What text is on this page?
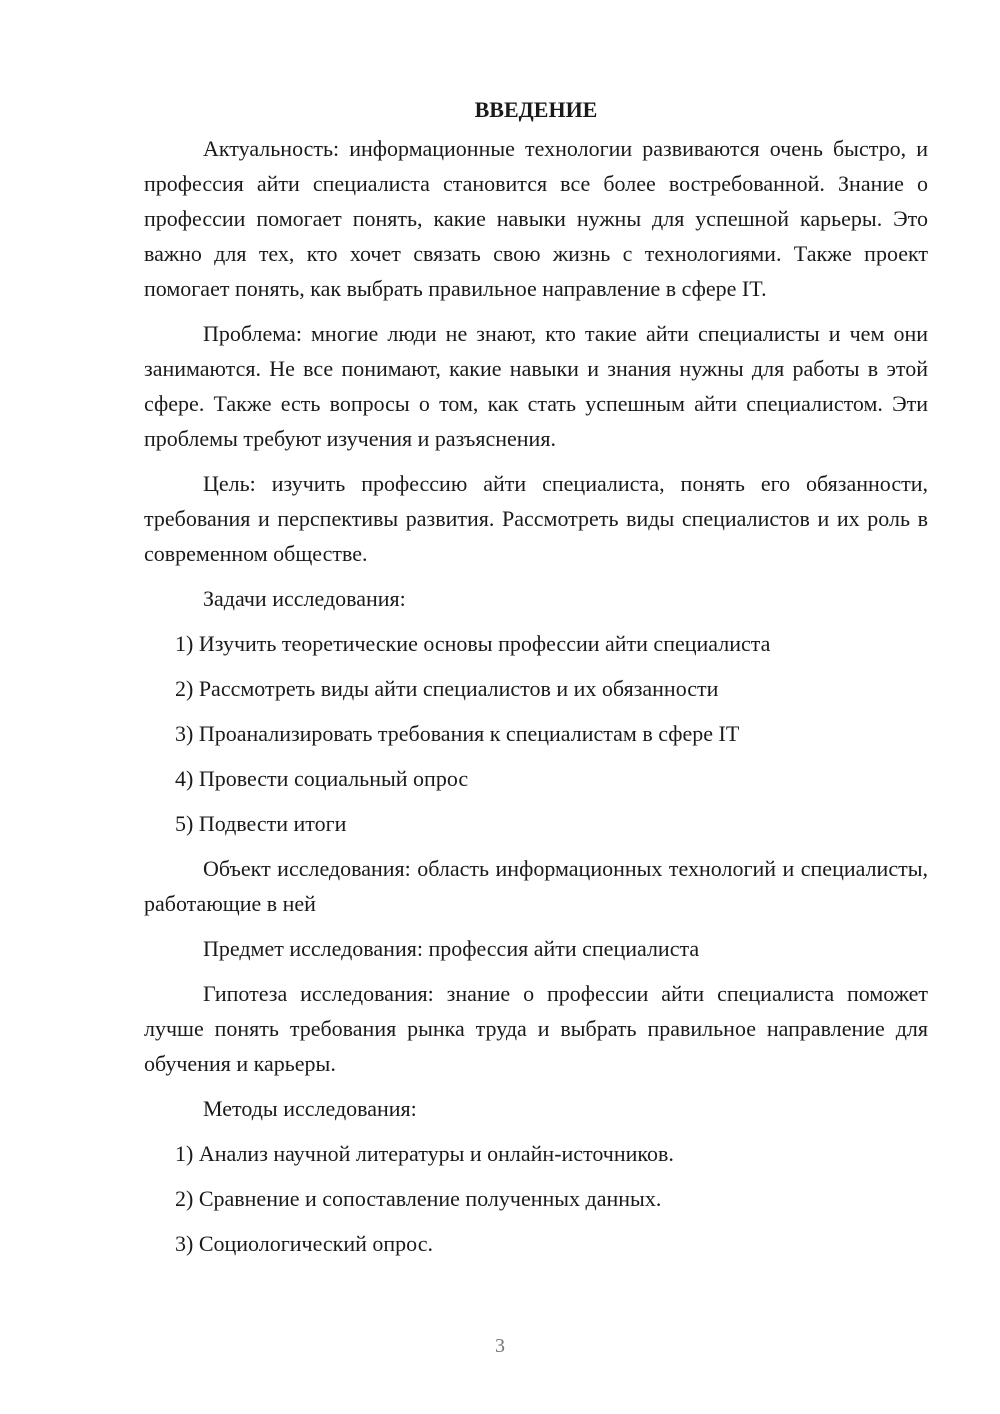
ВВЕДЕНИЕ

Актуальность: информационные технологии развиваются очень быстро, и профессия айти специалиста становится все более востребованной. Знание о профессии помогает понять, какие навыки нужны для успешной карьеры. Это важно для тех, кто хочет связать свою жизнь с технологиями. Также проект помогает понять, как выбрать правильное направление в сфере IT.

Проблема: многие люди не знают, кто такие айти специалисты и чем они занимаются. Не все понимают, какие навыки и знания нужны для работы в этой сфере. Также есть вопросы о том, как стать успешным айти специалистом. Эти проблемы требуют изучения и разъяснения.

Цель: изучить профессию айти специалиста, понять его обязанности, требования и перспективы развития. Рассмотреть виды специалистов и их роль в современном обществе.

Задачи исследования:

1) Изучить теоретические основы профессии айти специалиста

2) Рассмотреть виды айти специалистов и их обязанности

3) Проанализировать требования к специалистам в сфере IT

4) Провести социальный опрос

5) Подвести итоги

Объект исследования: область информационных технологий и специалисты, работающие в ней

Предмет исследования: профессия айти специалиста

Гипотеза исследования: знание о профессии айти специалиста поможет лучше понять требования рынка труда и выбрать правильное направление для обучения и карьеры.

Методы исследования:

1) Анализ научной литературы и онлайн-источников.

2) Сравнение и сопоставление полученных данных.

3) Социологический опрос.

3
